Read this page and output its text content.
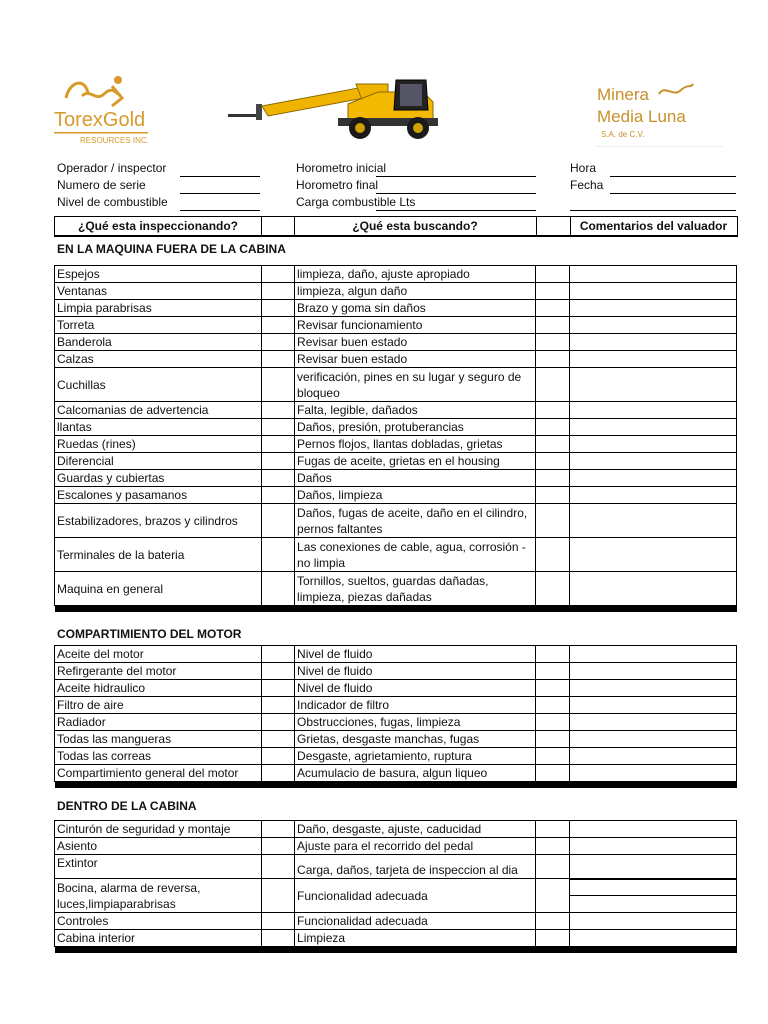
TorexGold
RESOURCES INC.
Minera
Media Luna
S.A. de C.V.
Operador / inspector
Numero de serie
Nivel de combustible
Horometro inicial
Horometro final
Carga combustible Lts
Hora
Fecha
¿Qué esta inspeccionando?	¿Qué esta buscando?	Comentarios del valuador
EN LA MAQUINA FUERA DE LA CABINA
Espejos		limpieza, daño, ajuste apropiado		
Ventanas		limpieza, algun daño		
Limpia parabrisas		Brazo y goma sin daños		
Torreta		Revisar funcionamiento		
Banderola		Revisar buen estado		
Calzas		Revisar buen estado		
Cuchillas		verificación, pines en su lugar y seguro de bloqueo		
Calcomanias de advertencia		Falta, legible, dañados		
llantas		Daños, presión, protuberancias		
Ruedas (rines)		Pernos flojos, llantas dobladas, grietas		
Diferencial		Fugas de aceite, grietas en el housing		
Guardas y cubiertas		Daños		
Escalones y pasamanos		Daños, limpieza		
Estabilizadores, brazos y cilindros		Daños, fugas de aceite, daño en el cilindro, pernos faltantes		
Terminales de la bateria		Las conexiones de cable, agua, corrosión - no limpia		
Maquina en general		Tornillos, sueltos, guardas dañadas, limpieza, piezas dañadas		

COMPARTIMIENTO DEL MOTOR
Aceite del motor		Nivel de fluido		
Refirgerante del motor		Nivel de fluido		
Aceite hidraulico		Nivel de fluido		
Filtro de aire		Indicador de filtro		
Radiador		Obstrucciones, fugas, limpieza		
Todas las mangueras		Grietas, desgaste manchas, fugas		
Todas las correas		Desgaste, agrietamiento, ruptura		
Compartimiento general del motor		Acumulacio de basura, algun liqueo		

DENTRO DE LA CABINA
Cinturón de seguridad y montaje		Daño, desgaste, ajuste, caducidad		
Asiento		Ajuste para el recorrido del pedal		
Extintor		Carga, daños, tarjeta de inspeccion al dia		
Bocina, alarma de reversa, luces,limpiaparabrisas		Funcionalidad adecuada		
Controles		Funcionalidad adecuada		
Cabina interior		Limpieza		
